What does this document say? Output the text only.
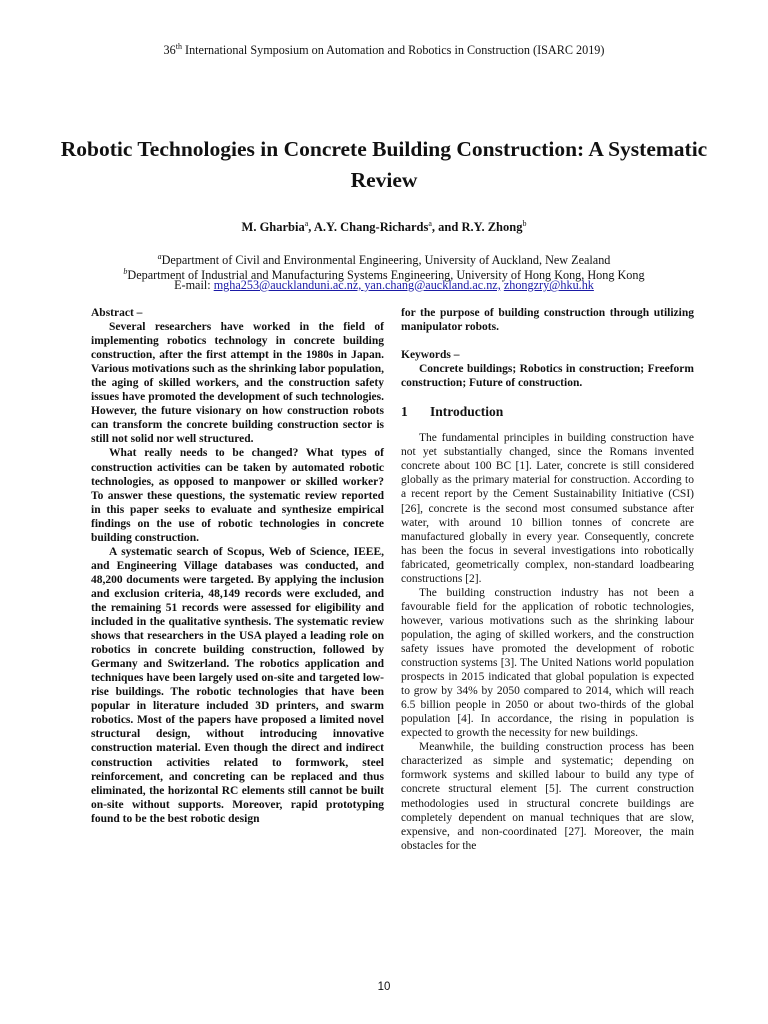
36th International Symposium on Automation and Robotics in Construction (ISARC 2019)
Robotic Technologies in Concrete Building Construction: A Systematic Review
M. Gharbia$^a$, A.Y. Chang-Richards$^a$, and R.Y. Zhong$^b$
$^a$Department of Civil and Environmental Engineering, University of Auckland, New Zealand
$^b$Department of Industrial and Manufacturing Systems Engineering, University of Hong Kong, Hong Kong
E-mail: mgha253@aucklanduni.ac.nz, yan.chang@auckland.ac.nz, zhongzry@hku.hk

Abstract –

Several researchers have worked in the field of implementing robotics technology in concrete building construction, after the first attempt in the 1980s in Japan. Various motivations such as the shrinking labor population, the aging of skilled workers, and the construction safety issues have promoted the development of such technologies. However, the future visionary on how construction robots can transform the concrete building construction sector is still not solid nor well structured.

What really needs to be changed? What types of construction activities can be taken by automated robotic technologies, as opposed to manpower or skilled worker? To answer these questions, the systematic review reported in this paper seeks to evaluate and synthesize empirical findings on the use of robotic technologies in concrete building construction.

A systematic search of Scopus, Web of Science, IEEE, and Engineering Village databases was conducted, and 48,200 documents were targeted. By applying the inclusion and exclusion criteria, 48,149 records were excluded, and the remaining 51 records were assessed for eligibility and included in the qualitative synthesis. The systematic review shows that researchers in the USA played a leading role on robotics in concrete building construction, followed by Germany and Switzerland. The robotics application and techniques have been largely used on-site and targeted low-rise buildings. The robotic technologies that have been popular in literature included 3D printers, and swarm robotics. Most of the papers have proposed a limited novel structural design, without introducing innovative construction material. Even though the direct and indirect construction activities related to formwork, steel reinforcement, and concreting can be replaced and thus eliminated, the horizontal RC elements still cannot be built on-site without supports. Moreover, rapid prototyping found to be the best robotic design

for the purpose of building construction through utilizing manipulator robots.

Keywords –

Concrete buildings; Robotics in construction; Freeform construction; Future of construction.

1 Introduction

The fundamental principles in building construction have not yet substantially changed, since the Romans invented concrete about 100 BC [1]. Later, concrete is still considered globally as the primary material for construction. According to a recent report by the Cement Sustainability Initiative (CSI) [26], concrete is the second most consumed substance after water, with around 10 billion tonnes of concrete are manufactured globally in every year. Consequently, concrete has been the focus in several investigations into robotically fabricated, geometrically complex, non-standard loadbearing constructions [2].

The building construction industry has not been a favourable field for the application of robotic technologies, however, various motivations such as the shrinking labour population, the aging of skilled workers, and the construction safety issues have promoted the development of robotic construction systems [3]. The United Nations world population prospects in 2015 indicated that global population is expected to grow by 34% by 2050 compared to 2014, which will reach 6.5 billion people in 2050 or about two-thirds of the global population [4]. In accordance, the rising in population is expected to growth the necessity for new buildings.

Meanwhile, the building construction process has been characterized as simple and systematic; depending on formwork systems and skilled labour to build any type of concrete structural element [5]. The current construction methodologies used in structural concrete buildings are completely dependent on manual techniques that are slow, expensive, and non-coordinated [27]. Moreover, the main obstacles for the

10
